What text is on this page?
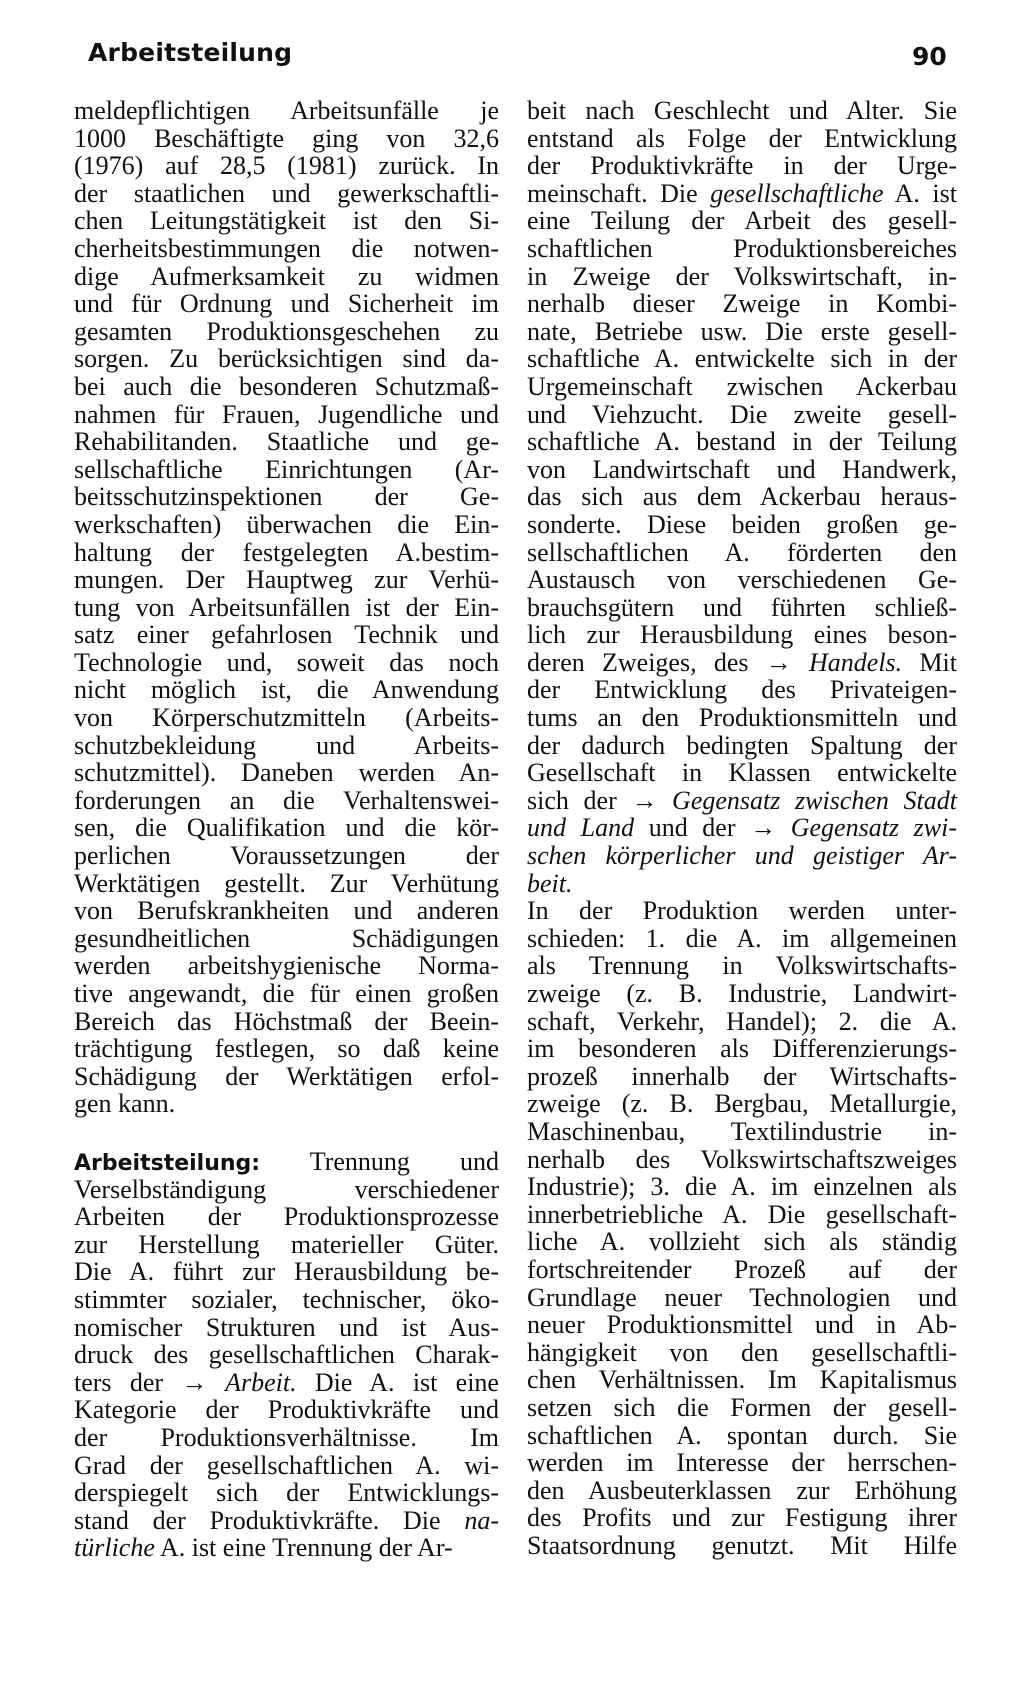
Arbeitsteilung	90
meldepflichtigen Arbeitsunfälle je
1000 Beschäftigte ging von 32,6
(1976) auf 28,5 (1981) zurück. In
der staatlichen und gewerkschaftli-
chen Leitungstätigkeit ist den Si-
cherheitsbestimmungen die notwen-
dige Aufmerksamkeit zu widmen
und für Ordnung und Sicherheit im
gesamten Produktionsgeschehen zu
sorgen. Zu berücksichtigen sind da-
bei auch die besonderen Schutzmaß-
nahmen für Frauen, Jugendliche und
Rehabilitanden. Staatliche und ge-
sellschaftliche Einrichtungen (Ar-
beitsschutzinspektionen der Ge-
werkschaften) überwachen die Ein-
haltung der festgelegten A.bestim-
mungen. Der Hauptweg zur Verhü-
tung von Arbeitsunfällen ist der Ein-
satz einer gefahrlosen Technik und
Technologie und, soweit das noch
nicht möglich ist, die Anwendung
von Körperschutzmitteln (Arbeits-
schutzbekleidung und Arbeits-
schutzmittel). Daneben werden An-
forderungen an die Verhaltenswei-
sen, die Qualifikation und die kör-
perlichen Voraussetzungen der
Werktätigen gestellt. Zur Verhütung
von Berufskrankheiten und anderen
gesundheitlichen Schädigungen
werden arbeitshygienische Norma-
tive angewandt, die für einen großen
Bereich das Höchstmaß der Beein-
trächtigung festlegen, so daß keine
Schädigung der Werktätigen erfol-
gen kann.
Arbeitsteilung: Trennung und
Verselbständigung verschiedener
Arbeiten der Produktionsprozesse
zur Herstellung materieller Güter.
Die A. führt zur Herausbildung be-
stimmter sozialer, technischer, öko-
nomischer Strukturen und ist Aus-
druck des gesellschaftlichen Charak-
ters der → Arbeit. Die A. ist eine
Kategorie der Produktivkräfte und
der Produktionsverhältnisse. Im
Grad der gesellschaftlichen A. wi-
derspiegelt sich der Entwicklungs-
stand der Produktivkräfte. Die na-
türliche A. ist eine Trennung der Ar-
beit nach Geschlecht und Alter. Sie
entstand als Folge der Entwicklung
der Produktivkräfte in der Urge-
meinschaft. Die gesellschaftliche A. ist
eine Teilung der Arbeit des gesell-
schaftlichen Produktionsbereiches
in Zweige der Volkswirtschaft, in-
nerhalb dieser Zweige in Kombi-
nate, Betriebe usw. Die erste gesell-
schaftliche A. entwickelte sich in der
Urgemeinschaft zwischen Ackerbau
und Viehzucht. Die zweite gesell-
schaftliche A. bestand in der Teilung
von Landwirtschaft und Handwerk,
das sich aus dem Ackerbau heraus-
sonderte. Diese beiden großen ge-
sellschaftlichen A. förderten den
Austausch von verschiedenen Ge-
brauchsgütern und führten schließ-
lich zur Herausbildung eines beson-
deren Zweiges, des → Handels. Mit
der Entwicklung des Privateigen-
tums an den Produktionsmitteln und
der dadurch bedingten Spaltung der
Gesellschaft in Klassen entwickelte
sich der → Gegensatz zwischen Stadt
und Land und der → Gegensatz zwi-
schen körperlicher und geistiger Ar-
beit.
In der Produktion werden unter-
schieden: 1. die A. im allgemeinen
als Trennung in Volkswirtschafts-
zweige (z. B. Industrie, Landwirt-
schaft, Verkehr, Handel); 2. die A.
im besonderen als Differenzierungs-
prozeß innerhalb der Wirtschafts-
zweige (z. B. Bergbau, Metallurgie,
Maschinenbau, Textilindustrie in-
nerhalb des Volkswirtschaftszweiges
Industrie); 3. die A. im einzelnen als
innerbetriebliche A. Die gesellschaft-
liche A. vollzieht sich als ständig
fortschreitender Prozeß auf der
Grundlage neuer Technologien und
neuer Produktionsmittel und in Ab-
hängigkeit von den gesellschaftli-
chen Verhältnissen. Im Kapitalismus
setzen sich die Formen der gesell-
schaftlichen A. spontan durch. Sie
werden im Interesse der herrschen-
den Ausbeuterklassen zur Erhöhung
des Profits und zur Festigung ihrer
Staatsordnung genutzt. Mit Hilfe
